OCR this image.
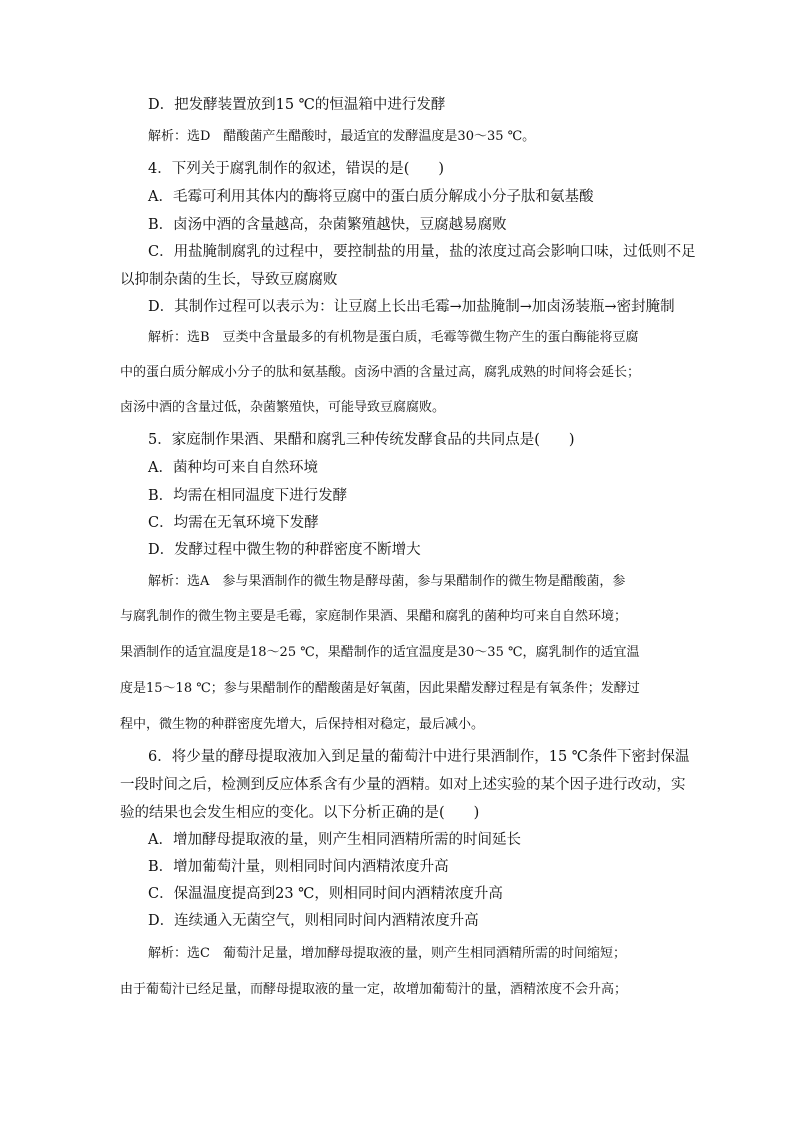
D．把发酵装置放到15 ℃的恒温箱中进行发酵
解析：选D　醋酸菌产生醋酸时，最适宜的发酵温度是30～35 ℃。
4．下列关于腐乳制作的叙述，错误的是(　　)
A．毛霉可利用其体内的酶将豆腐中的蛋白质分解成小分子肽和氨基酸
B．卤汤中酒的含量越高，杂菌繁殖越快，豆腐越易腐败
C．用盐腌制腐乳的过程中，要控制盐的用量，盐的浓度过高会影响口味，过低则不足
以抑制杂菌的生长，导致豆腐腐败
D．其制作过程可以表示为：让豆腐上长出毛霉→加盐腌制→加卤汤装瓶→密封腌制
解析：选B　豆类中含量最多的有机物是蛋白质，毛霉等微生物产生的蛋白酶能将豆腐
中的蛋白质分解成小分子的肽和氨基酸。卤汤中酒的含量过高，腐乳成熟的时间将会延长；
卤汤中酒的含量过低，杂菌繁殖快，可能导致豆腐腐败。
5．家庭制作果酒、果醋和腐乳三种传统发酵食品的共同点是(　　)
A．菌种均可来自自然环境
B．均需在相同温度下进行发酵
C．均需在无氧环境下发酵
D．发酵过程中微生物的种群密度不断增大
解析：选A　参与果酒制作的微生物是酵母菌，参与果醋制作的微生物是醋酸菌，参
与腐乳制作的微生物主要是毛霉，家庭制作果酒、果醋和腐乳的菌种均可来自自然环境；
果酒制作的适宜温度是18～25 ℃，果醋制作的适宜温度是30～35 ℃，腐乳制作的适宜温
度是15～18 ℃；参与果醋制作的醋酸菌是好氧菌，因此果醋发酵过程是有氧条件；发酵过
程中，微生物的种群密度先增大，后保持相对稳定，最后减小。
6．将少量的酵母提取液加入到足量的葡萄汁中进行果酒制作，15 ℃条件下密封保温
一段时间之后，检测到反应体系含有少量的酒精。如对上述实验的某个因子进行改动，实
验的结果也会发生相应的变化。以下分析正确的是(　　)
A．增加酵母提取液的量，则产生相同酒精所需的时间延长
B．增加葡萄汁量，则相同时间内酒精浓度升高
C．保温温度提高到23 ℃，则相同时间内酒精浓度升高
D．连续通入无菌空气，则相同时间内酒精浓度升高
解析：选C　葡萄汁足量，增加酵母提取液的量，则产生相同酒精所需的时间缩短；
由于葡萄汁已经足量，而酵母提取液的量一定，故增加葡萄汁的量，酒精浓度不会升高；
